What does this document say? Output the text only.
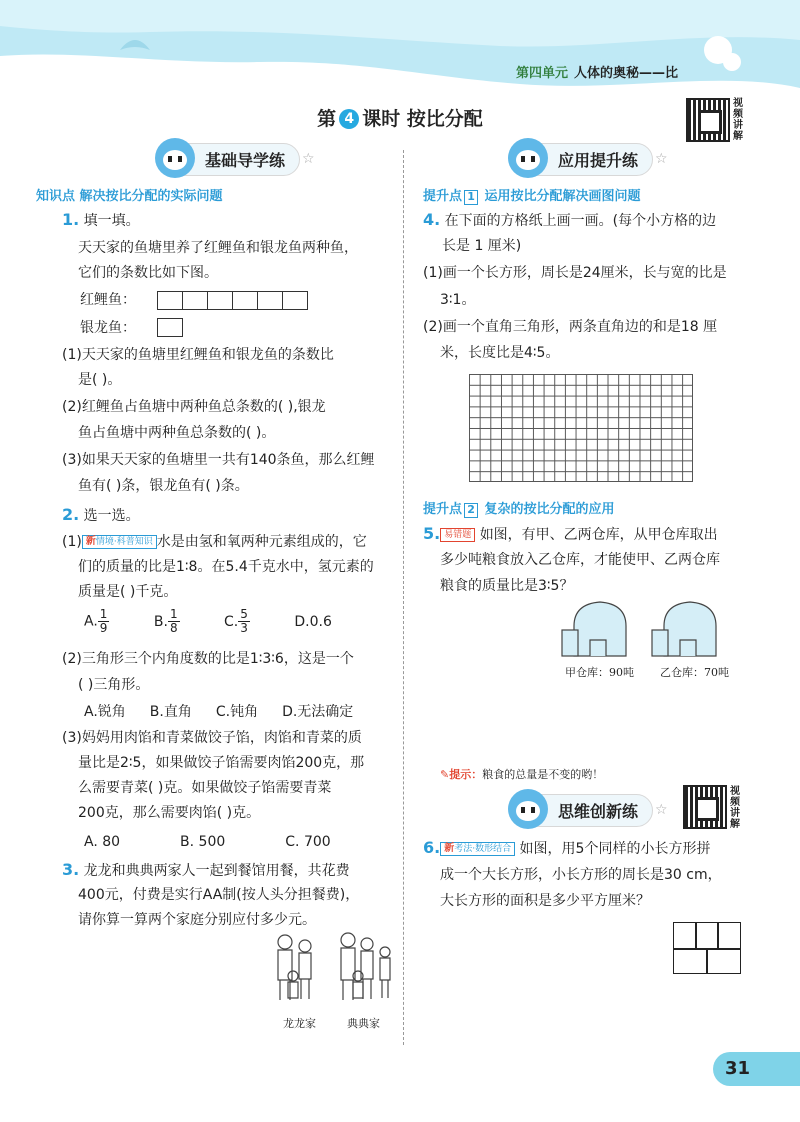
第四单元 人体的奥秘——比
第 4 课时 按比分配
视频讲解
基础导学练	☆
知识点 解决按比分配的实际问题
1. 填一填。
天天家的鱼塘里养了红鲤鱼和银龙鱼两种鱼，
它们的条数比如下图。
红鲤鱼：
银龙鱼：
(1)天天家的鱼塘里红鲤鱼和银龙鱼的条数比
是( )。
(2)红鲤鱼占鱼塘中两种鱼总条数的( ),银龙
鱼占鱼塘中两种鱼总条数的( )。
(3)如果天天家的鱼塘里一共有140条鱼，那么红鲤
鱼有( )条，银龙鱼有( )条。
2. 选一选。
(1) 新情境·科普知识 水是由氢和氧两种元素组成的，它
们的质量的比是1∶8。在5.4千克水中，氢元素的
质量是( )千克。
A. $\frac{1}{9}$	B. $\frac{1}{8}$	C. $\frac{5}{3}$	D.0.6
(2)三角形三个内角度数的比是1∶3∶6，这是一个
( )三角形。
A.锐角 B.直角 C.钝角 D.无法确定
(3)妈妈用肉馅和青菜做饺子馅，肉馅和青菜的质
量比是2∶5，如果做饺子馅需要肉馅200克，那
么需要青菜( )克。如果做饺子馅需要青菜
200克，那么需要肉馅( )克。
A. 80	B. 500	C. 700
3. 龙龙和典典两家人一起到餐馆用餐，共花费
400元，付费是实行AA制(按人头分担餐费)，
请你算一算两个家庭分别应付多少元。
龙龙家	典典家
应用提升练	☆
提升点 1 运用按比分配解决画图问题
4. 在下面的方格纸上画一画。(每个小方格的边
长是 1 厘米)
(1)画一个长方形，周长是24厘米，长与宽的比是
3∶1。
(2)画一个直角三角形，两条直角边的和是18 厘
米，长度比是4∶5。
提升点 2 复杂的按比分配的应用
5. 易错题 如图，有甲、乙两仓库，从甲仓库取出
多少吨粮食放入乙仓库，才能使甲、乙两仓库
粮食的质量比是3∶5？
甲仓库：90吨 乙仓库：70吨
✎提示：粮食的总量是不变的哟！
思维创新练	☆
视频讲解
6. 新考法·数形结合 如图，用5个同样的小长方形拼
成一个大长方形，小长方形的周长是30 cm，
大长方形的面积是多少平方厘米？
31
